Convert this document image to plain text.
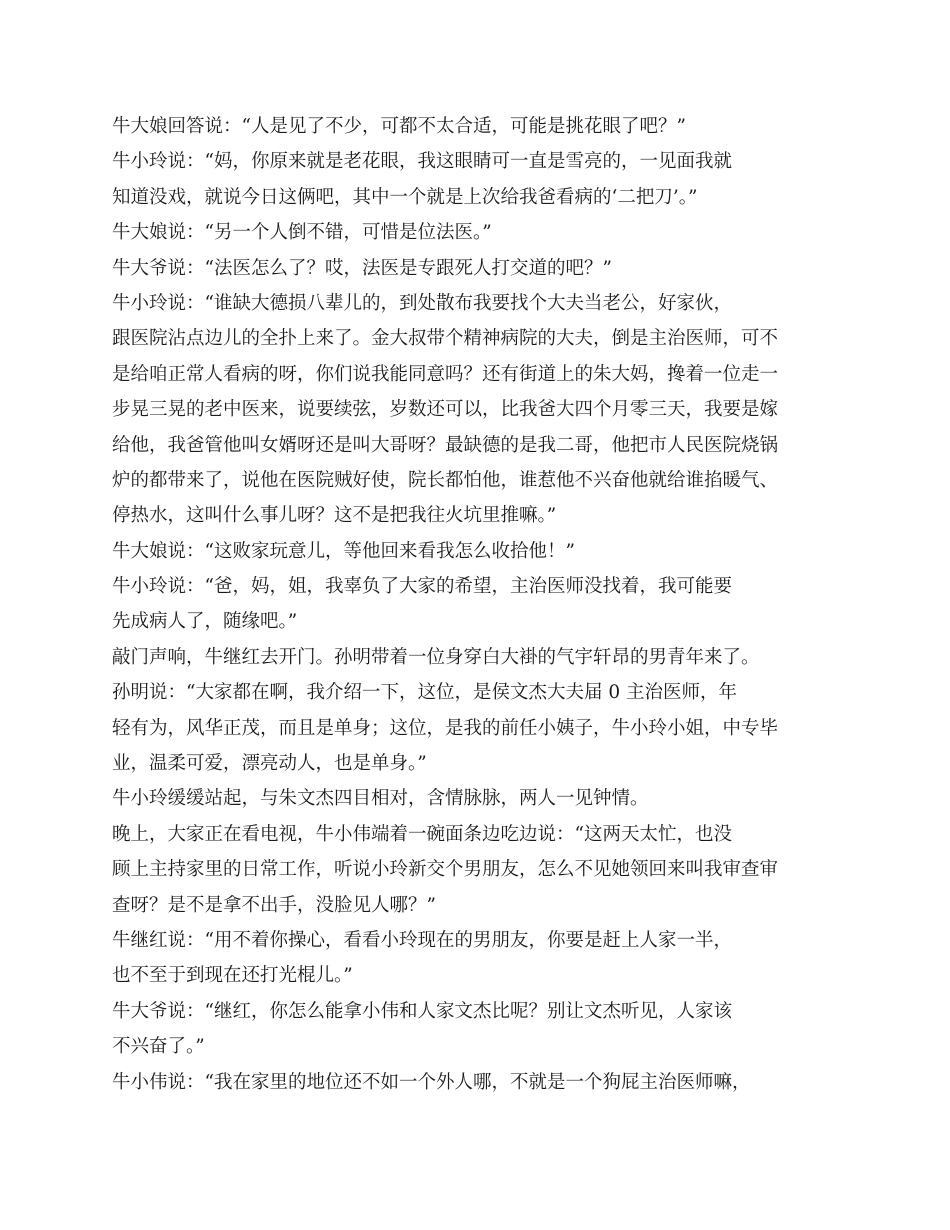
牛大娘回答说：“人是见了不少，可都不太合适，可能是挑花眼了吧？”
牛小玲说：“妈，你原来就是老花眼，我这眼睛可一直是雪亮的，一见面我就
知道没戏，就说今日这俩吧，其中一个就是上次给我爸看病的‘二把刀’。”
牛大娘说：“另一个人倒不错，可惜是位法医。”
牛大爷说：“法医怎么了？哎，法医是专跟死人打交道的吧？”
牛小玲说：“谁缺大德损八辈儿的，到处散布我要找个大夫当老公，好家伙，
跟医院沾点边儿的全扑上来了。金大叔带个精神病院的大夫，倒是主治医师，可不
是给咱正常人看病的呀，你们说我能同意吗？还有街道上的朱大妈，搀着一位走一
步晃三晃的老中医来，说要续弦，岁数还可以，比我爸大四个月零三天，我要是嫁
给他，我爸管他叫女婿呀还是叫大哥呀？最缺德的是我二哥，他把市人民医院烧锅
炉的都带来了，说他在医院贼好使，院长都怕他，谁惹他不兴奋他就给谁掐暖气、
停热水，这叫什么事儿呀？这不是把我往火坑里推嘛。”
牛大娘说：“这败家玩意儿，等他回来看我怎么收拾他！”
牛小玲说：“爸，妈，姐，我辜负了大家的希望，主治医师没找着，我可能要
先成病人了，随缘吧。”
敲门声响，牛继红去开门。孙明带着一位身穿白大褂的气宇轩昂的男青年来了。
孙明说：“大家都在啊，我介绍一下，这位，是侯文杰大夫届 0 主治医师，年
轻有为，风华正茂，而且是单身；这位，是我的前任小姨子，牛小玲小姐，中专毕
业，温柔可爱，漂亮动人，也是单身。”
牛小玲缓缓站起，与朱文杰四目相对，含情脉脉，两人一见钟情。
晚上，大家正在看电视，牛小伟端着一碗面条边吃边说：“这两天太忙，也没
顾上主持家里的日常工作，听说小玲新交个男朋友，怎么不见她领回来叫我审查审
查呀？是不是拿不出手，没脸见人哪？”
牛继红说：“用不着你操心，看看小玲现在的男朋友，你要是赶上人家一半，
也不至于到现在还打光棍儿。”
牛大爷说：“继红，你怎么能拿小伟和人家文杰比呢？别让文杰听见，人家该
不兴奋了。”
牛小伟说：“我在家里的地位还不如一个外人哪，不就是一个狗屁主治医师嘛，
